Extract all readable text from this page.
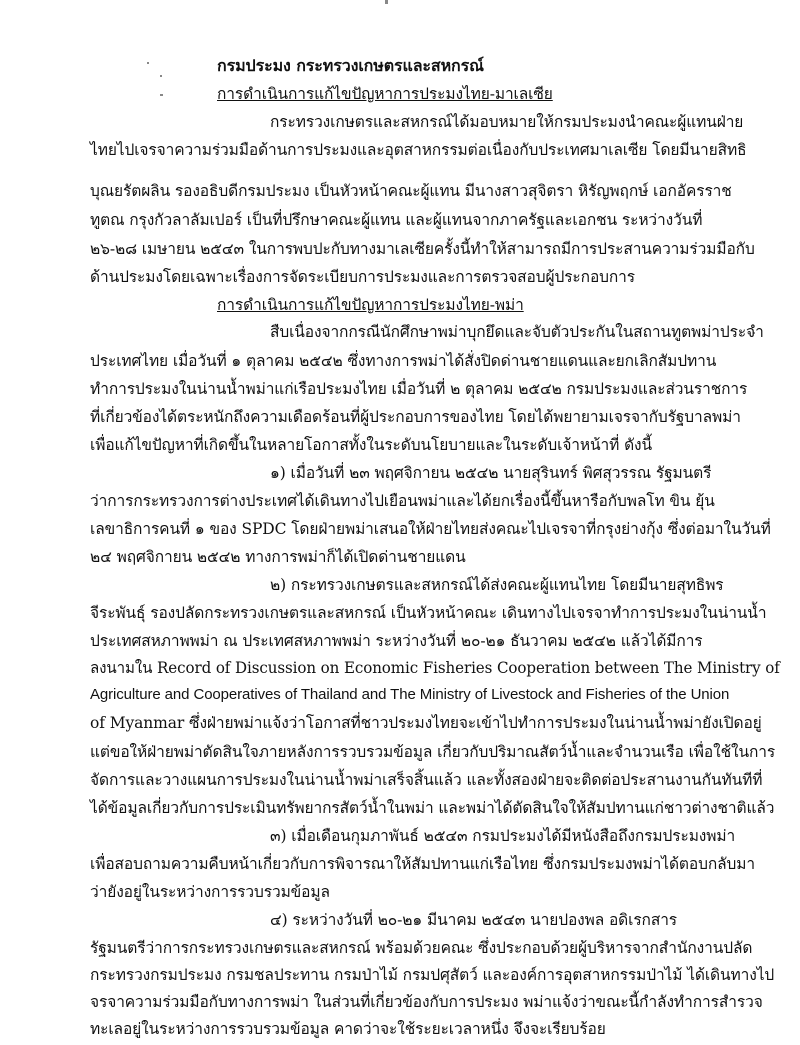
กรมประมง กระทรวงเกษตรและสหกรณ์
การดำเนินการแก้ไขปัญหาการประมงไทย-มาเลเซีย
กระทรวงเกษตรและสหกรณ์ได้มอบหมายให้กรมประมงนำคณะผู้แทนฝ่าย
ไทยไปเจรจาความร่วมมือด้านการประมงและอุตสาหกรรมต่อเนื่องกับประเทศมาเลเซีย โดยมีนายสิทธิ
บุณยรัตผลิน รองอธิบดีกรมประมง เป็นหัวหน้าคณะผู้แทน มีนางสาวสุจิตรา หิรัญพฤกษ์ เอกอัครราช
ทูตณ กรุงกัวลาลัมเปอร์ เป็นที่ปรึกษาคณะผู้แทน และผู้แทนจากภาครัฐและเอกชน ระหว่างวันที่
๒๖-๒๘ เมษายน ๒๕๔๓ ในการพบปะกับทางมาเลเซียครั้งนี้ทำให้สามารถมีการประสานความร่วมมือกับ
ด้านประมงโดยเฉพาะเรื่องการจัดระเบียบการประมงและการตรวจสอบผู้ประกอบการ
การดำเนินการแก้ไขปัญหาการประมงไทย-พม่า
สืบเนื่องจากกรณีนักศึกษาพม่าบุกยึดและจับตัวประกันในสถานทูตพม่าประจำ
ประเทศไทย เมื่อวันที่ ๑ ตุลาคม ๒๕๔๒ ซึ่งทางการพม่าได้สั่งปิดด่านชายแดนและยกเลิกสัมปทาน
ทำการประมงในน่านน้ำพม่าแก่เรือประมงไทย เมื่อวันที่ ๒ ตุลาคม ๒๕๔๒ กรมประมงและส่วนราชการ
ที่เกี่ยวข้องได้ตระหนักถึงความเดือดร้อนที่ผู้ประกอบการของไทย โดยได้พยายามเจรจากับรัฐบาลพม่า
เพื่อแก้ไขปัญหาที่เกิดขึ้นในหลายโอกาสทั้งในระดับนโยบายและในระดับเจ้าหน้าที่ ดังนี้
๑) เมื่อวันที่ ๒๓ พฤศจิกายน ๒๕๔๒ นายสุรินทร์ พิศสุวรรณ รัฐมนตรี
ว่าการกระทรวงการต่างประเทศได้เดินทางไปเยือนพม่าและได้ยกเรื่องนี้ขึ้นหารือกับพลโท ขิน ยุ้น
เลขาธิการคนที่ ๑ ของ SPDC โดยฝ่ายพม่าเสนอให้ฝ่ายไทยส่งคณะไปเจรจาที่กรุงย่างกุ้ง ซึ่งต่อมาในวันที่
๒๔ พฤศจิกายน ๒๕๔๒ ทางการพม่าก็ได้เปิดด่านชายแดน
๒) กระทรวงเกษตรและสหกรณ์ได้ส่งคณะผู้แทนไทย โดยมีนายสุทธิพร
จีระพันธุ์ รองปลัดกระทรวงเกษตรและสหกรณ์ เป็นหัวหน้าคณะ เดินทางไปเจรจาทำการประมงในน่านน้ำ
ประเทศสหภาพพม่า ณ ประเทศสหภาพพม่า ระหว่างวันที่ ๒๐-๒๑ ธันวาคม ๒๕๔๒ แล้วได้มีการ
ลงนามใน Record of Discussion on Economic Fisheries Cooperation between The Ministry of
Agriculture and Cooperatives of Thailand and The Ministry of Livestock and Fisheries of the Union
of Myanmar ซึ่งฝ่ายพม่าแจ้งว่าโอกาสที่ชาวประมงไทยจะเข้าไปทำการประมงในน่านน้ำพม่ายังเปิดอยู่
แต่ขอให้ฝ่ายพม่าตัดสินใจภายหลังการรวบรวมข้อมูล เกี่ยวกับปริมาณสัตว์น้ำและจำนวนเรือ เพื่อใช้ในการ
จัดการและวางแผนการประมงในน่านน้ำพม่าเสร็จสิ้นแล้ว และทั้งสองฝ่ายจะติดต่อประสานงานกันทันทีที่
ได้ข้อมูลเกี่ยวกับการประเมินทรัพยากรสัตว์น้ำในพม่า และพม่าได้ตัดสินใจให้สัมปทานแก่ชาวต่างชาติแล้ว
๓) เมื่อเดือนกุมภาพันธ์ ๒๕๔๓ กรมประมงได้มีหนังสือถึงกรมประมงพม่า
เพื่อสอบถามความคืบหน้าเกี่ยวกับการพิจารณาให้สัมปทานแก่เรือไทย ซึ่งกรมประมงพม่าได้ตอบกลับมา
ว่ายังอยู่ในระหว่างการรวบรวมข้อมูล
๔) ระหว่างวันที่ ๒๐-๒๑ มีนาคม ๒๕๔๓ นายปองพล อดิเรกสาร
รัฐมนตรีว่าการกระทรวงเกษตรและสหกรณ์ พร้อมด้วยคณะ ซึ่งประกอบด้วยผู้บริหารจากสำนักงานปลัด
กระทรวงกรมประมง กรมชลประทาน กรมป่าไม้ กรมปศุสัตว์ และองค์การอุตสาหกรรมป่าไม้ ได้เดินทางไป
จรจาความร่วมมือกับทางการพม่า ในส่วนที่เกี่ยวข้องกับการประมง พม่าแจ้งว่าขณะนี้กำลังทำการสำรวจ
ทะเลอยู่ในระหว่างการรวบรวมข้อมูล คาดว่าจะใช้ระยะเวลาหนึ่ง จึงจะเรียบร้อย
